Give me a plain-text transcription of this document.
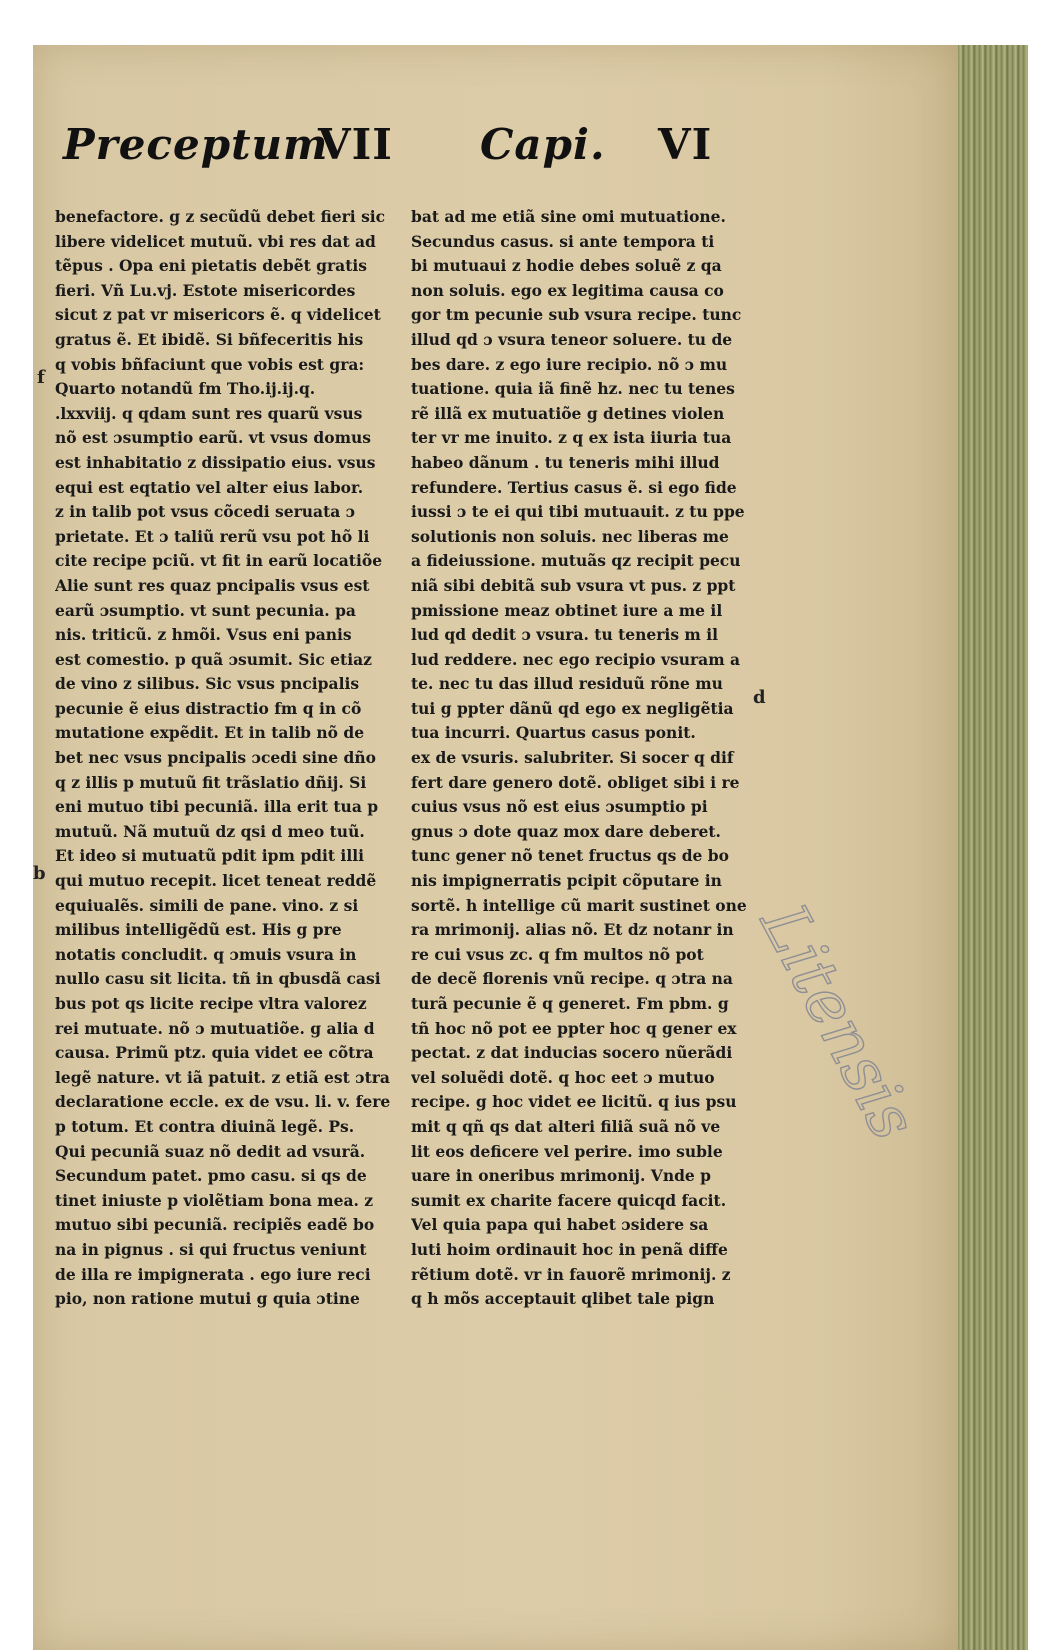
Preceptum
VII Capi. VI
benefactore. g z secũdũ debet fieri sic
libere videlicet mutuũ. vbi res dat ad
tẽpus . Opa eni pietatis debẽt gratis
fieri. Vñ Lu.vj. Estote misericordes
sicut z pat vr misericors ẽ. q videlicet
gratus ẽ. Et ibidẽ. Si bñfeceritis his
q vobis bñfaciunt que vobis est gra:
Quarto notandũ fm Tho.ij.ij.q.
.lxxviij. q qdam sunt res quarũ vsus
nõ est ɔsumptio earũ. vt vsus domus
est inhabitatio z dissipatio eius. vsus
equi est eqtatio vel alter eius labor.
z in talib pot vsus cõcedi seruata ɔ
prietate. Et ɔ taliũ rerũ vsu pot hõ li
cite recipe pciũ. vt fit in earũ locatiõe
Alie sunt res quaz pncipalis vsus est
earũ ɔsumptio. vt sunt pecunia. pa
nis. triticũ. z hmõi. Vsus eni panis
est comestio. p quã ɔsumit. Sic etiaz
de vino z silibus. Sic vsus pncipalis
pecunie ẽ eius distractio fm q in cõ
mutatione expẽdit. Et in talib nõ de
bet nec vsus pncipalis ɔcedi sine dño
q z illis p mutuũ fit trãslatio dñij. Si
eni mutuo tibi pecuniã. illa erit tua p
mutuũ. Nã mutuũ dz qsi d meo tuũ.
Et ideo si mutuatũ pdit ipm pdit illi
qui mutuo recepit. licet teneat reddẽ
equiualẽs. simili de pane. vino. z si
milibus intelligẽdũ est. His g pre
notatis concludit. q ɔmuis vsura in
nullo casu sit licita. tñ in qbusdã casi
bus pot qs licite recipe vltra valorez
rei mutuate. nõ ɔ mutuatiõe. g alia d
causa. Primũ ptz. quia videt ee cõtra
legẽ nature. vt iã patuit. z etiã est ɔtra
declaratione eccle. ex de vsu. li. v. fere
p totum. Et contra diuinã legẽ. Ps.
Qui pecuniã suaz nõ dedit ad vsurã.
Secundum patet. pmo casu. si qs de
tinet iniuste p violẽtiam bona mea. z
mutuo sibi pecuniã. recipiẽs eadẽ bo
na in pignus . si qui fructus veniunt
de illa re impignerata . ego iure reci
pio, non ratione mutui g quia ɔtine
bat ad me etiã sine omi mutuatione.
Secundus casus. si ante tempora ti
bi mutuaui z hodie debes soluẽ z qa
non soluis. ego ex legitima causa co
gor tm pecunie sub vsura recipe. tunc
illud qd ɔ vsura teneor soluere. tu de
bes dare. z ego iure recipio. nõ ɔ mu
tuatione. quia iã finẽ hz. nec tu tenes
rẽ illã ex mutuatiõe g detines violen
ter vr me inuito. z q ex ista iiuria tua
habeo dãnum . tu teneris mihi illud
refundere. Tertius casus ẽ. si ego fide
iussi ɔ te ei qui tibi mutuauit. z tu ppe
solutionis non soluis. nec liberas me
a fideiussione. mutuãs qz recipit pecu
niã sibi debitã sub vsura vt pus. z ppt
pmissione meaz obtinet iure a me il
lud qd dedit ɔ vsura. tu teneris m il
lud reddere. nec ego recipio vsuram a
te. nec tu das illud residuũ rõne mu
tui g ppter dãnũ qd ego ex negligẽtia
tua incurri. Quartus casus ponit.
ex de vsuris. salubriter. Si socer q dif
fert dare genero dotẽ. obliget sibi i re
cuius vsus nõ est eius ɔsumptio pi
gnus ɔ dote quaz mox dare deberet.
tunc gener nõ tenet fructus qs de bo
nis impignerratis pcipit cõputare in
sortẽ. h intellige cũ marit sustinet one
ra mrimonij. alias nõ. Et dz notanr in
re cui vsus zc. q fm multos nõ pot
de decẽ florenis vnũ recipe. q ɔtra na
turã pecunie ẽ q generet. Fm pbm. g
tñ hoc nõ pot ee ppter hoc q gener ex
pectat. z dat inducias socero nũerãdi
vel soluẽdi dotẽ. q hoc eet ɔ mutuo
recipe. g hoc videt ee licitũ. q ius psu
mit q qñ qs dat alteri filiã suã nõ ve
lit eos deficere vel perire. imo suble
uare in oneribus mrimonij. Vnde p
sumit ex charite facere quicqd facit.
Vel quia papa qui habet ɔsidere sa
luti hoim ordinauit hoc in penã diffe
rẽtium dotẽ. vr in fauorẽ mrimonij. z
q h mõs acceptauit qlibet tale pign
f
b
d
Litensis
